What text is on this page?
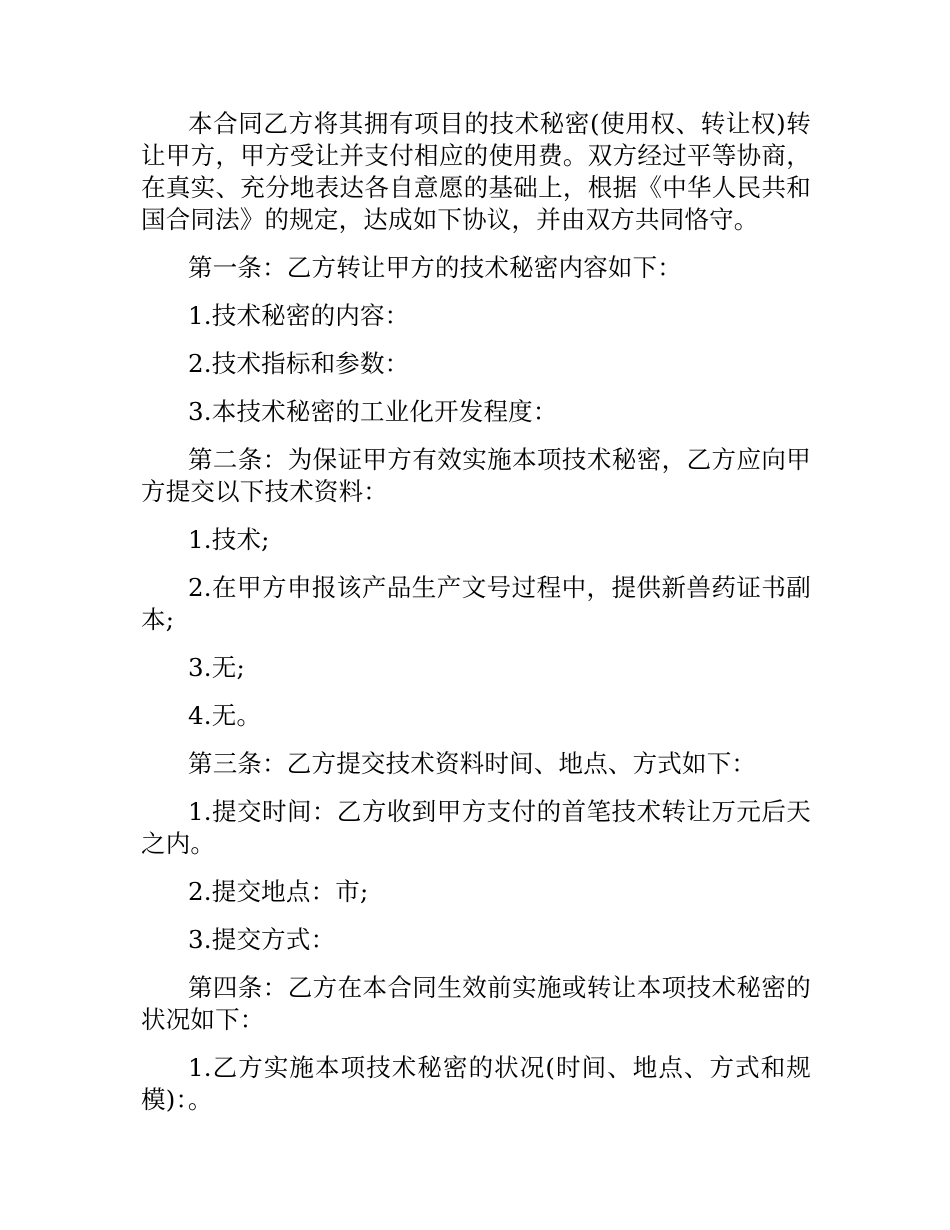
本合同乙方将其拥有项目的技术秘密(使用权、转让权)转让甲方，甲方受让并支付相应的使用费。双方经过平等协商，在真实、充分地表达各自意愿的基础上，根据《中华人民共和国合同法》的规定，达成如下协议，并由双方共同恪守。

第一条：乙方转让甲方的技术秘密内容如下：

1.技术秘密的内容：

2.技术指标和参数：

3.本技术秘密的工业化开发程度：

第二条：为保证甲方有效实施本项技术秘密，乙方应向甲方提交以下技术资料：

1.技术;

2.在甲方申报该产品生产文号过程中，提供新兽药证书副本;

3.无;

4.无。

第三条：乙方提交技术资料时间、地点、方式如下：

1.提交时间：乙方收到甲方支付的首笔技术转让万元后天之内。

2.提交地点：市;

3.提交方式：

第四条：乙方在本合同生效前实施或转让本项技术秘密的状况如下：

1.乙方实施本项技术秘密的状况(时间、地点、方式和规模)：。
